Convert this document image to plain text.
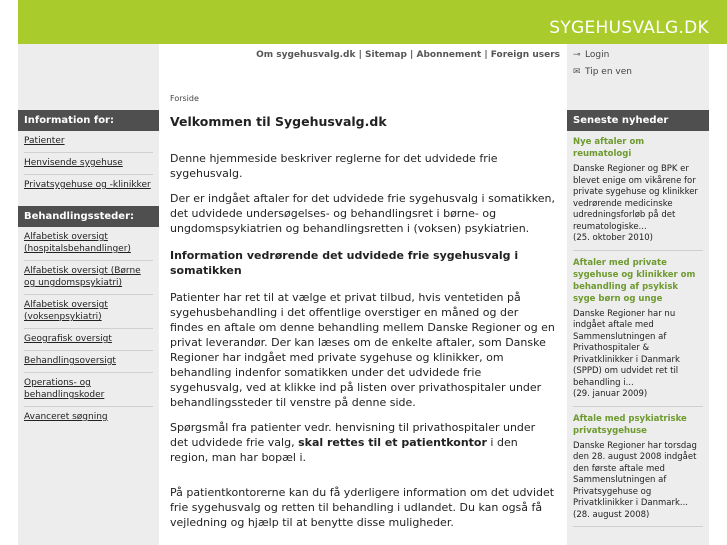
SYGEHUSVALG.DK
Om sygehusvalg.dk | Sitemap | Abonnement | Foreign users ⊸ Login
✉ Tip en ven
Forside
Information for:
Patienter
Henvisende sygehuse
Privatsygehuse og -klinikker
Behandlingssteder:
Alfabetisk oversigt (hospitalsbehandlinger)
Alfabetisk oversigt (Børne og ungdomspsykiatri)
Alfabetisk oversigt (voksenpsykiatri)
Geografisk oversigt
Behandlingsoversigt
Operations- og behandlingskoder
Avanceret søgning
Velkommen til Sygehusvalg.dk

Denne hjemmeside beskriver reglerne for det udvidede frie sygehusvalg.

Der er indgået aftaler for det udvidede frie sygehusvalg i somatikken, det udvidede undersøgelses- og behandlingsret i børne- og ungdomspsykiatrien og behandlingsretten i (voksen) psykiatrien.

Information vedrørende det udvidede frie sygehusvalg i somatikken

Patienter har ret til at vælge et privat tilbud, hvis ventetiden på sygehusbehandling i det offentlige overstiger en måned og der findes en aftale om denne behandling mellem Danske Regioner og en privat leverandør. Der kan læses om de enkelte aftaler, som Danske Regioner har indgået med private sygehuse og klinikker, om behandling indenfor somatikken under det udvidede frie sygehusvalg, ved at klikke ind på listen over privathospitaler under behandlingssteder til venstre på denne side.

Spørgsmål fra patienter vedr. henvisning til privathospitaler under det udvidede frie valg, skal rettes til et patientkontor i den region, man har bopæl i.

På patientkontorerne kan du få yderligere information om det udvidet frie sygehusvalg og retten til behandling i udlandet. Du kan også få vejledning og hjælp til at benytte disse muligheder.

Seneste nyheder
Nye aftaler om reumatologi
Danske Regioner og BPK er blevet enige om vikårene for private sygehuse og klinikker vedrørende medicinske udredningsforløb på det reumatologiske...
(25. oktober 2010)
Aftaler med private sygehuse og klinikker om behandling af psykisk syge børn og unge
Danske Regioner har nu indgået aftale med Sammenslutningen af Privathospitaler & Privatklinikker i Danmark (SPPD) om udvidet ret til behandling i...
(29. januar 2009)
Aftale med psykiatriske privatsygehuse
Danske Regioner har torsdag den 28. august 2008 indgået den første aftale med Sammenslutningen af Privatsygehuse og Privatklinikker i Danmark...
(28. august 2008)
